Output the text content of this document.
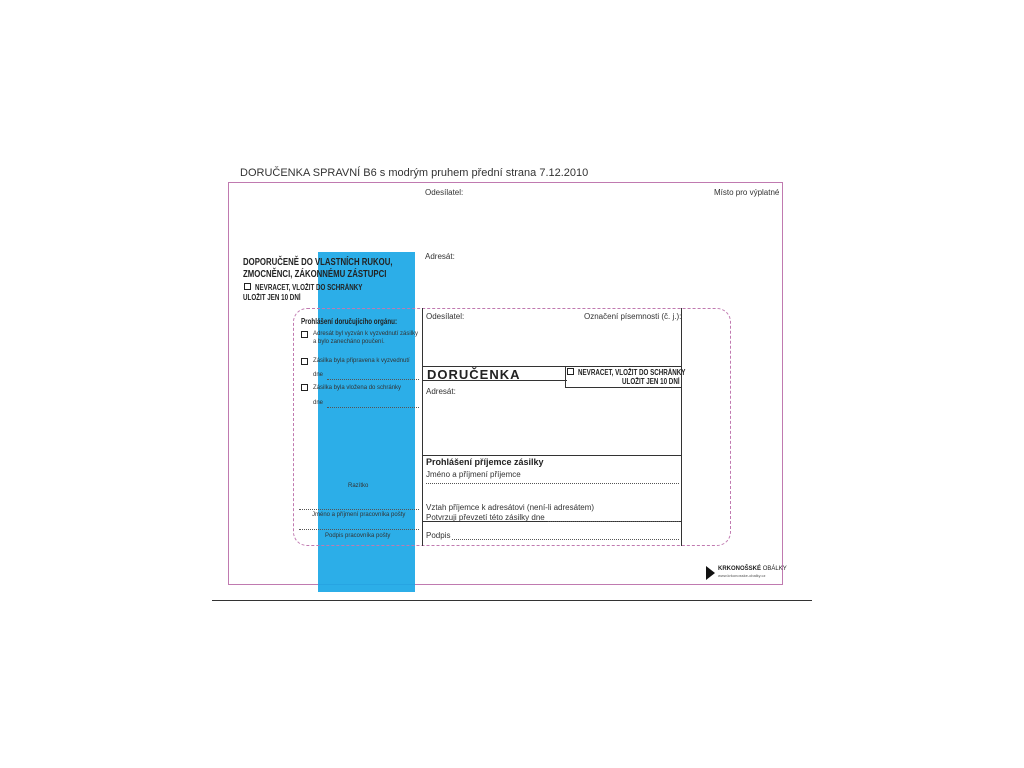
DORUČENKA SPRAVNÍ B6 s modrým pruhem přední strana 7.12.2010
Odesílatel:	Místo pro výplatné
Adresát:
DOPORUČENĚ DO VLASTNÍCH RUKOU,
ZMOCNĚNCI, ZÁKONNÉMU ZÁSTUPCI
NEVRACET, VLOŽIT DO SCHRÁNKY
ULOŽIT JEN 10 DNÍ
Prohlášení doručujícího orgánu:
Adresát byl vyzván k vyzvednutí zásilky
a bylo zanecháno poučení.
Zásilka byla připravena k vyzvednutí
dne
Zásilka byla vložena do schránky
dne
Razítko
Jméno a příjmení pracovníka pošty
Podpis pracovníka pošty
Odesílatel:	Označení písemnosti (č. j.):
DORUČENKA	NEVRACET, VLOŽIT DO SCHRÁNKY
ULOŽIT JEN 10 DNÍ
Adresát:
Prohlášení příjemce zásilky
Jméno a příjmení příjemce
Vztah příjemce k adresátovi (není-li adresátem)
Potvrzuji převzetí této zásilky dne
Podpis
KRKONOŠSKÉ OBÁLKY
www.krkonosske-obalky.cz
